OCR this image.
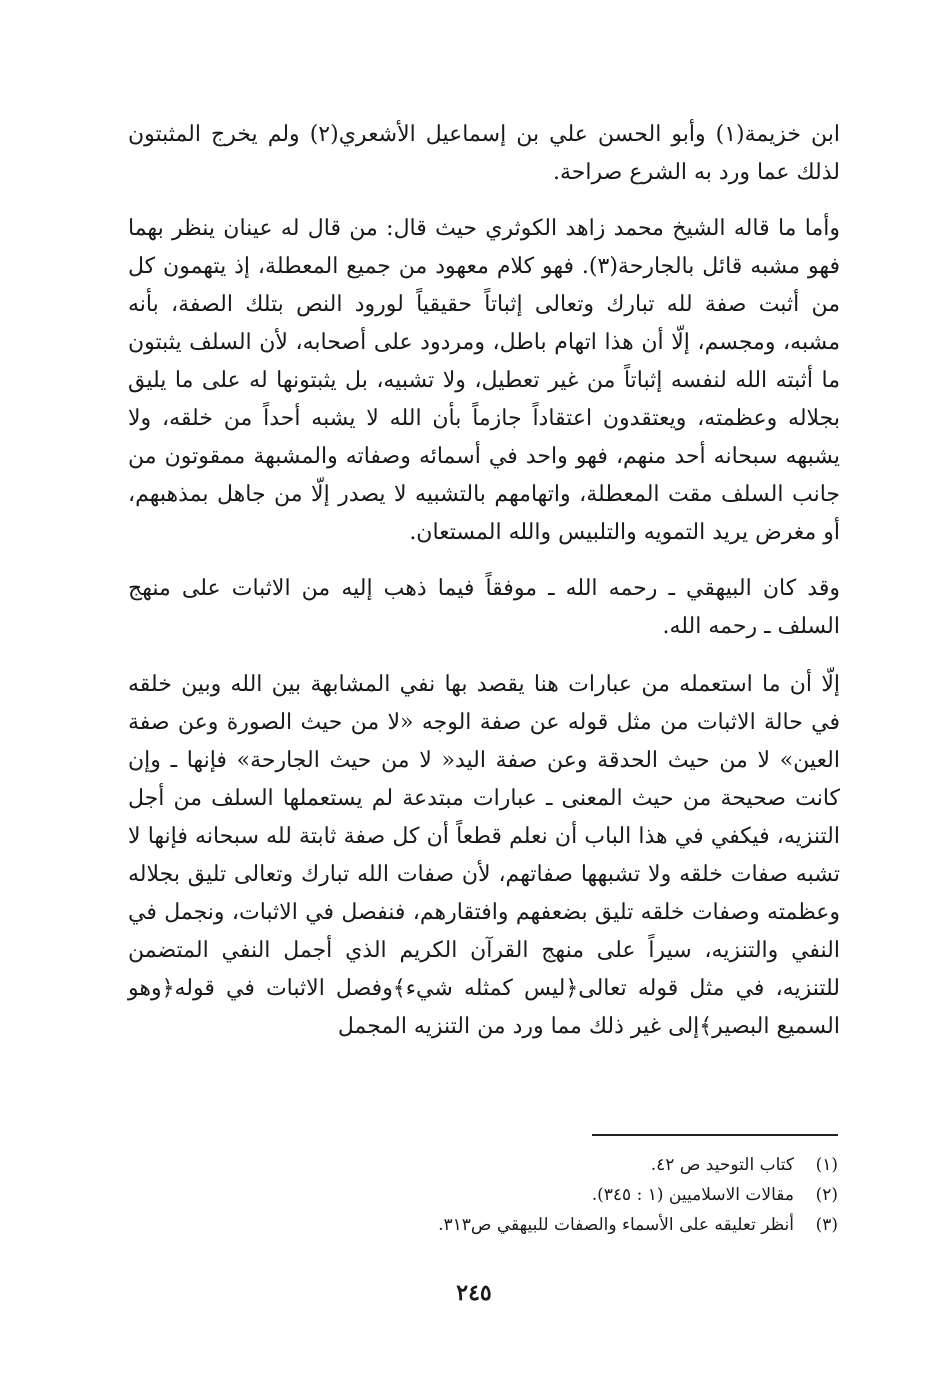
ابن خزيمة(١) وأبو الحسن علي بن إسماعيل الأشعري(٢) ولم يخرج المثبتون لذلك عما ورد به الشرع صراحة.

وأما ما قاله الشيخ محمد زاهد الكوثري حيث قال: من قال له عينان ينظر بهما فهو مشبه قائل بالجارحة(٣). فهو كلام معهود من جميع المعطلة، إذ يتهمون كل من أثبت صفة لله تبارك وتعالى إثباتاً حقيقياً لورود النص بتلك الصفة، بأنه مشبه، ومجسم، إلّا أن هذا اتهام باطل، ومردود على أصحابه، لأن السلف يثبتون ما أثبته الله لنفسه إثباتاً من غير تعطيل، ولا تشبيه، بل يثبتونها له على ما يليق بجلاله وعظمته، ويعتقدون اعتقاداً جازماً بأن الله لا يشبه أحداً من خلقه، ولا يشبهه سبحانه أحد منهم، فهو واحد في أسمائه وصفاته والمشبهة ممقوتون من جانب السلف مقت المعطلة، واتهامهم بالتشبيه لا يصدر إلّا من جاهل بمذهبهم، أو مغرض يريد التمويه والتلبيس والله المستعان.

وقد كان البيهقي ـ رحمه الله ـ موفقاً فيما ذهب إليه من الاثبات على منهج السلف ـ رحمه الله.

إلّا أن ما استعمله من عبارات هنا يقصد بها نفي المشابهة بين الله وبين خلقه في حالة الاثبات من مثل قوله عن صفة الوجه «لا من حيث الصورة وعن صفة العين» لا من حيث الحدقة وعن صفة اليد« لا من حيث الجارحة» فإنها ـ وإن كانت صحيحة من حيث المعنى ـ عبارات مبتدعة لم يستعملها السلف من أجل التنزيه، فيكفي في هذا الباب أن نعلم قطعاً أن كل صفة ثابتة لله سبحانه فإنها لا تشبه صفات خلقه ولا تشبهها صفاتهم، لأن صفات الله تبارك وتعالى تليق بجلاله وعظمته وصفات خلقه تليق بضعفهم وافتقارهم، فنفصل في الاثبات، ونجمل في النفي والتنزيه، سيراً على منهج القرآن الكريم الذي أجمل النفي المتضمن للتنزيه، في مثل قوله تعالى﴿ليس كمثله شيء﴾وفصل الاثبات في قوله﴿وهو السميع البصير﴾إلى غير ذلك مما ورد من التنزيه المجمل

(١)
كتاب التوحيد ص ٤٢.
(٢)
مقالات الاسلاميين (١ : ٣٤٥).
(٣)
أنظر تعليقه على الأسماء والصفات للبيهقي ص٣١٣.
٢٤٥
